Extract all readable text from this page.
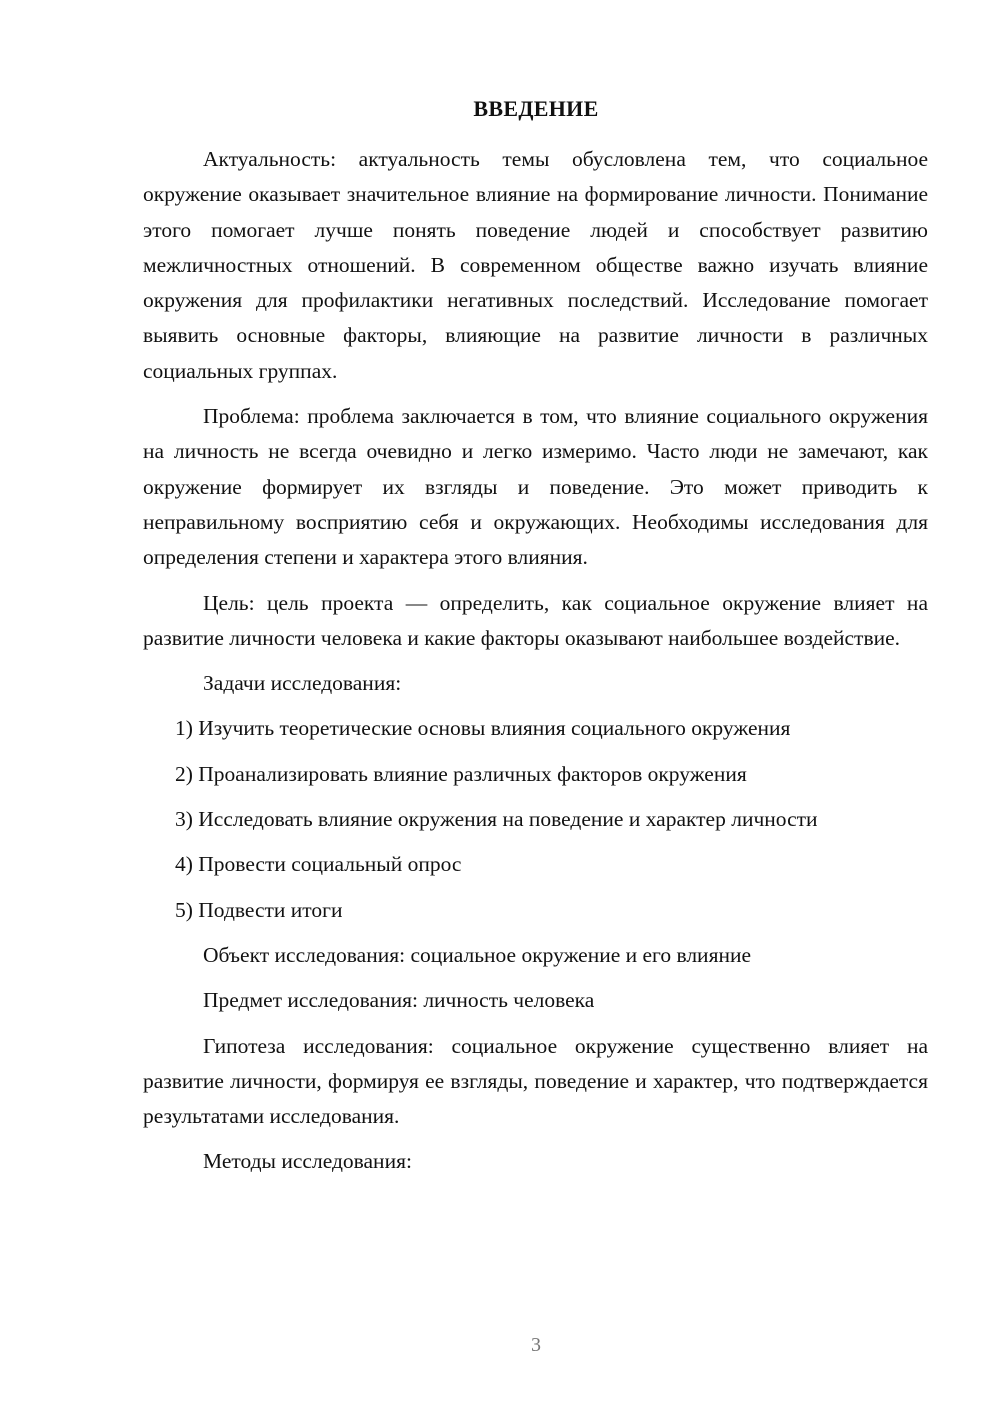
ВВЕДЕНИЕ

Актуальность: актуальность темы обусловлена тем, что социальное окружение оказывает значительное влияние на формирование личности. Понимание этого помогает лучше понять поведение людей и способствует развитию межличностных отношений. В современном обществе важно изучать влияние окружения для профилактики негативных последствий. Исследование помогает выявить основные факторы, влияющие на развитие личности в различных социальных группах.

Проблема: проблема заключается в том, что влияние социального окружения на личность не всегда очевидно и легко измеримо. Часто люди не замечают, как окружение формирует их взгляды и поведение. Это может приводить к неправильному восприятию себя и окружающих. Необходимы исследования для определения степени и характера этого влияния.

Цель: цель проекта — определить, как социальное окружение влияет на развитие личности человека и какие факторы оказывают наибольшее воздействие.

Задачи исследования:

1) Изучить теоретические основы влияния социального окружения
2) Проанализировать влияние различных факторов окружения
3) Исследовать влияние окружения на поведение и характер личности
4) Провести социальный опрос
5) Подвести итоги

Объект исследования: социальное окружение и его влияние

Предмет исследования: личность человека

Гипотеза исследования: социальное окружение существенно влияет на развитие личности, формируя ее взгляды, поведение и характер, что подтверждается результатами исследования.

Методы исследования:

3
